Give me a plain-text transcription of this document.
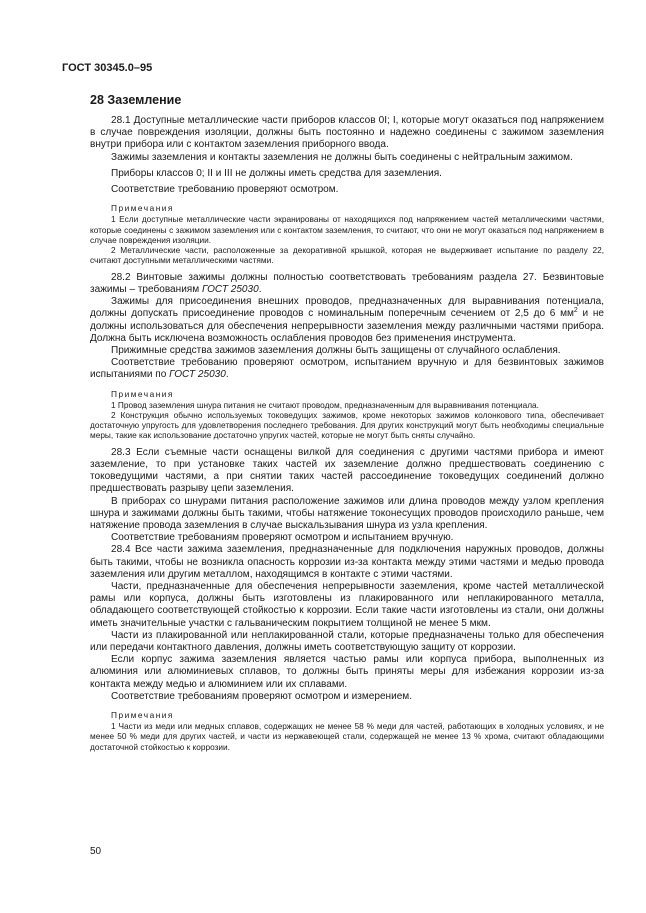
ГОСТ 30345.0–95
28 Заземление

28.1 Доступные металлические части приборов классов 0I; I, которые могут оказаться под напряжением в случае повреждения изоляции, должны быть постоянно и надежно соединены с зажимом заземления внутри прибора или с контактом заземления приборного ввода.

Зажимы заземления и контакты заземления не должны быть соединены с нейтральным зажимом.

Приборы классов 0; II и III не должны иметь средства для заземления.

Соответствие требованию проверяют осмотром.

Примечания

1 Если доступные металлические части экранированы от находящихся под напряжением частей металлическими частями, которые соединены с зажимом заземления или с контактом заземления, то считают, что они не могут оказаться под напряжением в случае повреждения изоляции.

2 Металлические части, расположенные за декоративной крышкой, которая не выдерживает испытание по разделу 22, считают доступными металлическими частями.

28.2 Винтовые зажимы должны полностью соответствовать требованиям раздела 27. Безвинтовые зажимы – требованиям ГОСТ 25030.

Зажимы для присоединения внешних проводов, предназначенных для выравнивания потенциала, должны допускать присоединение проводов с номинальным поперечным сечением от 2,5 до 6 $мм^2$ и не должны использоваться для обеспечения непрерывности заземления между различными частями прибора. Должна быть исключена возможность ослабления проводов без применения инструмента.

Прижимные средства зажимов заземления должны быть защищены от случайного ослабления.

Соответствие требованию проверяют осмотром, испытанием вручную и для безвинтовых зажимов испытаниями по ГОСТ 25030.

Примечания

1 Провод заземления шнура питания не считают проводом, предназначенным для выравнивания потенциала.

2 Конструкция обычно используемых токоведущих зажимов, кроме некоторых зажимов колонкового типа, обеспечивает достаточную упругость для удовлетворения последнего требования. Для других конструкций могут быть необходимы специальные меры, такие как использование достаточно упругих частей, которые не могут быть сняты случайно.

28.3 Если съемные части оснащены вилкой для соединения с другими частями прибора и имеют заземление, то при установке таких частей их заземление должно предшествовать соединению с токоведущими частями, а при снятии таких частей рассоединение токоведущих соединений должно предшествовать разрыву цепи заземления.

В приборах со шнурами питания расположение зажимов или длина проводов между узлом крепления шнура и зажимами должны быть такими, чтобы натяжение токонесущих проводов происходило раньше, чем натяжение провода заземления в случае выскальзывания шнура из узла крепления.

Соответствие требованиям проверяют осмотром и испытанием вручную.

28.4 Все части зажима заземления, предназначенные для подключения наружных проводов, должны быть такими, чтобы не возникла опасность коррозии из-за контакта между этими частями и медью провода заземления или другим металлом, находящимся в контакте с этими частями.

Части, предназначенные для обеспечения непрерывности заземления, кроме частей металлической рамы или корпуса, должны быть изготовлены из плакированного или неплакированного металла, обладающего соответствующей стойкостью к коррозии. Если такие части изготовлены из стали, они должны иметь значительные участки с гальваническим покрытием толщиной не менее 5 мкм.

Части из плакированной или неплакированной стали, которые предназначены только для обеспечения или передачи контактного давления, должны иметь соответствующую защиту от коррозии.

Если корпус зажима заземления является частью рамы или корпуса прибора, выполненных из алюминия или алюминиевых сплавов, то должны быть приняты меры для избежания коррозии из-за контакта между медью и алюминием или их сплавами.

Соответствие требованиям проверяют осмотром и измерением.

Примечания

1 Части из меди или медных сплавов, содержащих не менее 58 % меди для частей, работающих в холодных условиях, и не менее 50 % меди для других частей, и части из нержавеющей стали, содержащей не менее 13 % хрома, считают обладающими достаточной стойкостью к коррозии.

50
